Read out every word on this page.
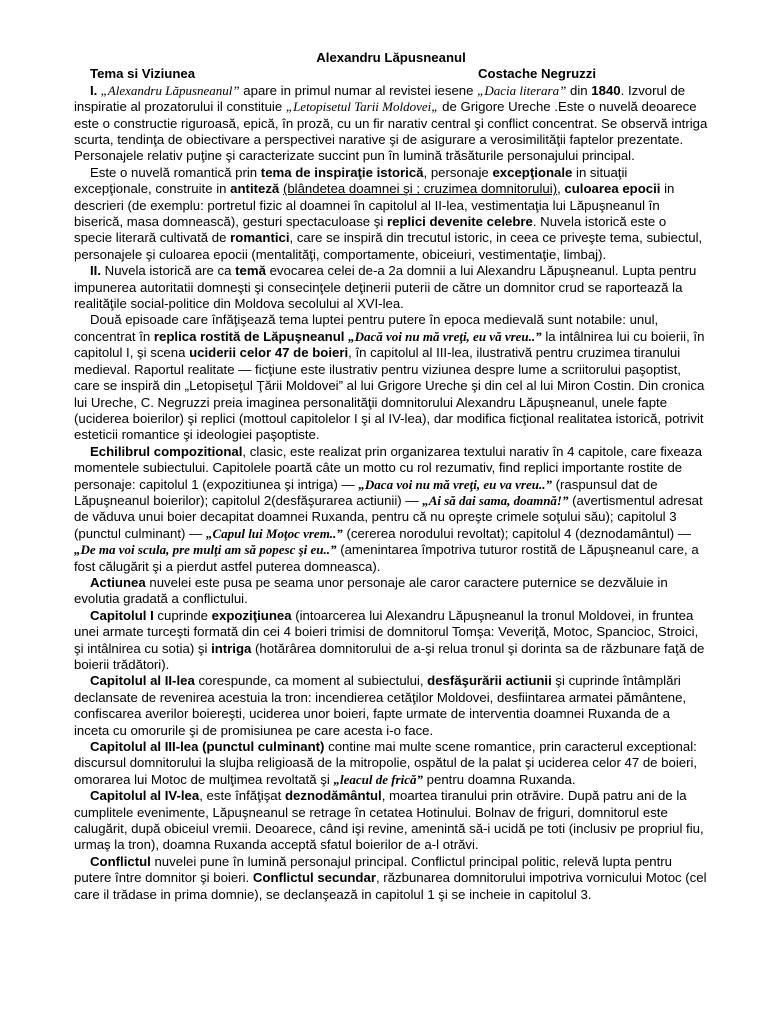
Alexandru Lăpusneanul
Tema si Viziunea	Costache Negruzzi

I. „Alexandru Lăpusneanul” apare in primul numar al revistei iesene „Dacia literara” din 1840. Izvorul de inspiratie al prozatorului il constituie „Letopisetul Tarii Moldovei„ de Grigore Ureche .Este o nuvelă deoarece este o constructie riguroasă, epică, în proză, cu un fir narativ central şi conflict concentrat. Se observă intriga scurta, tendinţa de obiectivare a perspectivei narative şi de asigurare a verosimilităţii faptelor prezentate. Personajele relativ puţine şi caracterizate succint pun în lumină trăsăturile personajului principal.

Este o nuvelă romantică prin tema de inspiraţie istorică, personaje excepţionale in situaţii excepţionale, construite in antiteză (blândetea doamnei şi ; cruzimea domnitorului), culoarea epocii in descrieri (de exemplu: portretul fizic al doamnei în capitolul al II-lea, vestimentaţia lui Lăpuşneanul în biserică, masa domnească), gesturi spectaculoase şi replici devenite celebre. Nuvela istorică este o specie literară cultivată de romantici, care se inspiră din trecutul istoric, in ceea ce priveşte tema, subiectul, personajele şi culoarea epocii (mentalităţi, comportamente, obiceiuri, vestimentaţie, limbaj).

II. Nuvela istorică are ca temă evocarea celei de-a 2a domnii a lui Alexandru Lăpuşneanul. Lupta pentru impunerea autoritatii domneşti şi consecinţele deţinerii puterii de către un domnitor crud se raportează la realităţile social-politice din Moldova secolului al XVI-lea.

Două episoade care înfăţişează tema luptei pentru putere în epoca medievală sunt notabile: unul, concentrat în replica rostită de Lăpuşneanul „Dacă voi nu mă vreţi, eu vă vreu..” la intâlnirea lui cu boierii, în capitolul I, şi scena uciderii celor 47 de boieri, în capitolul al III-lea, ilustrativă pentru cruzimea tiranului medieval. Raportul realitate — ficţiune este ilustrativ pentru viziunea despre lume a scriitorului paşoptist, care se inspiră din „Letopiseţul Ţării Moldovei” al lui Grigore Ureche şi din cel al lui Miron Costin. Din cronica lui Ureche, C. Negruzzi preia imaginea personalităţii domnitorului Alexandru Lăpuşneanul, unele fapte (uciderea boierilor) şi replici (mottoul capitolelor I şi al IV-lea), dar modifica ficţional realitatea istorică, potrivit esteticii romantice şi ideologiei paşoptiste.

Echilibrul compozitional, clasic, este realizat prin organizarea textului narativ în 4 capitole, care fixeaza momentele subiectului. Capitolele poartă câte un motto cu rol rezumativ, find replici importante rostite de personaje: capitolul 1 (expozitiunea şi intriga) — „Daca voi nu mă vreţi, eu va vreu..” (raspunsul dat de Lăpuşneanul boierilor); capitolul 2(desfăşurarea actiunii) — „Ai să dai sama, doamnă!” (avertismentul adresat de văduva unui boier decapitat doamnei Ruxanda, pentru că nu opreşte crimele soţului său); capitolul 3 (punctul culminant) — „Capul lui Moţoc vrem..” (cererea norodului revoltat); capitolul 4 (deznodamântul) —„De ma voi scula, pre mulţi am să popesc şi eu..” (amenintarea împotriva tuturor rostită de Lăpuşneanul care, a fost călugărit şi a pierdut astfel puterea domneasca).

Actiunea nuvelei este pusa pe seama unor personaje ale caror caractere puternice se dezvăluie in evolutia gradată a conflictului.

Capitolul I cuprinde expoziţiunea (intoarcerea lui Alexandru Lăpuşneanul la tronul Moldovei, in fruntea unei armate turceşti formată din cei 4 boieri trimisi de domnitorul Tomşa: Veveriţă, Motoc, Spancioc, Stroici, şi intâlnirea cu sotia) şi intriga (hotărârea domnitorului de a-şi relua tronul şi dorinta sa de răzbunare faţă de boierii trădători).

Capitolul al II-lea corespunde, ca moment al subiectului, desfăşurării actiunii şi cuprinde întâmplări declansate de revenirea acestuia la tron: incendierea cetăţilor Moldovei, desfiintarea armatei pământene, confiscarea averilor boiereşti, uciderea unor boieri, fapte urmate de interventia doamnei Ruxanda de a inceta cu omorurile şi de promisiunea pe care acesta i-o face.

Capitolul al III-lea (punctul culminant) contine mai multe scene romantice, prin caracterul exceptional: discursul domnitorului la slujba religioasă de la mitropolie, ospătul de la palat şi uciderea celor 47 de boieri, omorarea lui Motoc de mulţimea revoltată şi „leacul de frică” pentru doamna Ruxanda.

Capitolul al IV-lea, este înfăţişat deznodământul, moartea tiranului prin otrăvire. După patru ani de la cumplitele evenimente, Lăpuşneanul se retrage în cetatea Hotinului. Bolnav de friguri, domnitorul este calugărit, după obiceiul vremii. Deoarece, când işi revine, amenintă să-i ucidă pe toti (inclusiv pe propriul fiu, urmaş la tron), doamna Ruxanda acceptă sfatul boierilor de a-l otrăvi.

Conflictul nuvelei pune în lumină personajul principal. Conflictul principal politic, relevă lupta pentru putere între domnitor şi boieri. Conflictul secundar, răzbunarea domnitorului impotriva vornicului Motoc (cel care il trădase in prima domnie), se declanşează in capitolul 1 şi se incheie in capitolul 3.
